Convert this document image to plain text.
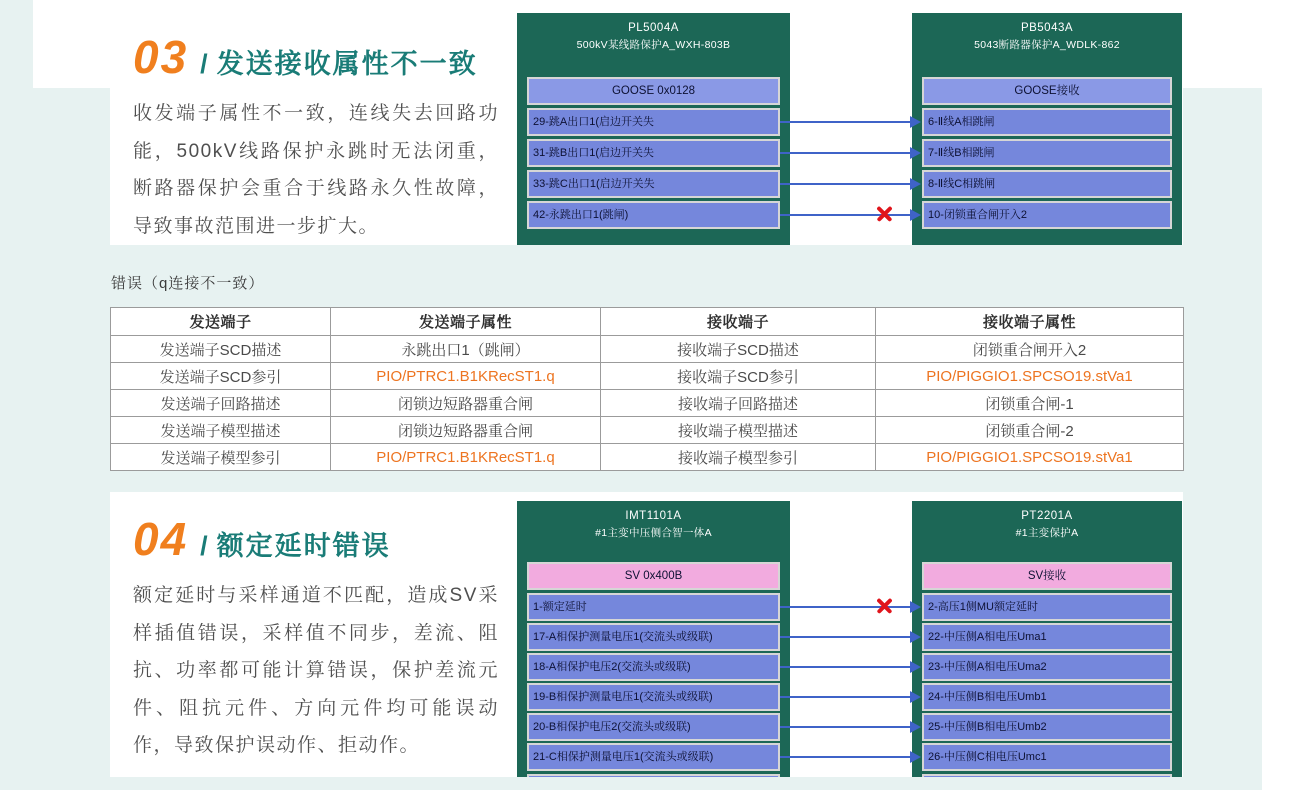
03 / 发送接收属性不一致

收发端子属性不一致，连线失去回路功能，500kV线路保护永跳时无法闭重，断路器保护会重合于线路永久性故障，导致事故范围进一步扩大。

PL5004A
500kV某线路保护A_WXH-803B
GOOSE 0x0128
29-跳A出口1(启边开关失
31-跳B出口1(启边开关失
33-跳C出口1(启边开关失
42-永跳出口1(跳闸)
PB5043A
5043断路器保护A_WDLK-862
GOOSE接收
6-Ⅱ线A相跳闸
7-Ⅱ线B相跳闸
8-Ⅱ线C相跳闸
10-闭锁重合闸开入2
错误（q连接不一致）
发送端子	发送端子属性	接收端子	接收端子属性
发送端子SCD描述	永跳出口1（跳闸）	接收端子SCD描述	闭锁重合闸开入2
发送端子SCD参引	PIO/PTRC1.B1KRecST1.q	接收端子SCD参引	PIO/PIGGIO1.SPCSO19.stVa1
发送端子回路描述	闭锁边短路器重合闸	接收端子回路描述	闭锁重合闸-1
发送端子模型描述	闭锁边短路器重合闸	接收端子模型描述	闭锁重合闸-2
发送端子模型参引	PIO/PTRC1.B1KRecST1.q	接收端子模型参引	PIO/PIGGIO1.SPCSO19.stVa1
04 / 额定延时错误

额定延时与采样通道不匹配，造成SV采样插值错误，采样值不同步，差流、阻抗、功率都可能计算错误，保护差流元件、阻抗元件、方向元件均可能误动作，导致保护误动作、拒动作。

IMT1101A
#1主变中压侧合智一体A
SV 0x400B
1-额定延时
17-A相保护测量电压1(交流头或级联)
18-A相保护电压2(交流头或级联)
19-B相保护测量电压1(交流头或级联)
20-B相保护电压2(交流头或级联)
21-C相保护测量电压1(交流头或级联)
PT2201A
#1主变保护A
SV接收
2-高压1侧MU额定延时
22-中压侧A相电压Uma1
23-中压侧A相电压Uma2
24-中压侧B相电压Umb1
25-中压侧B相电压Umb2
26-中压侧C相电压Umc1
